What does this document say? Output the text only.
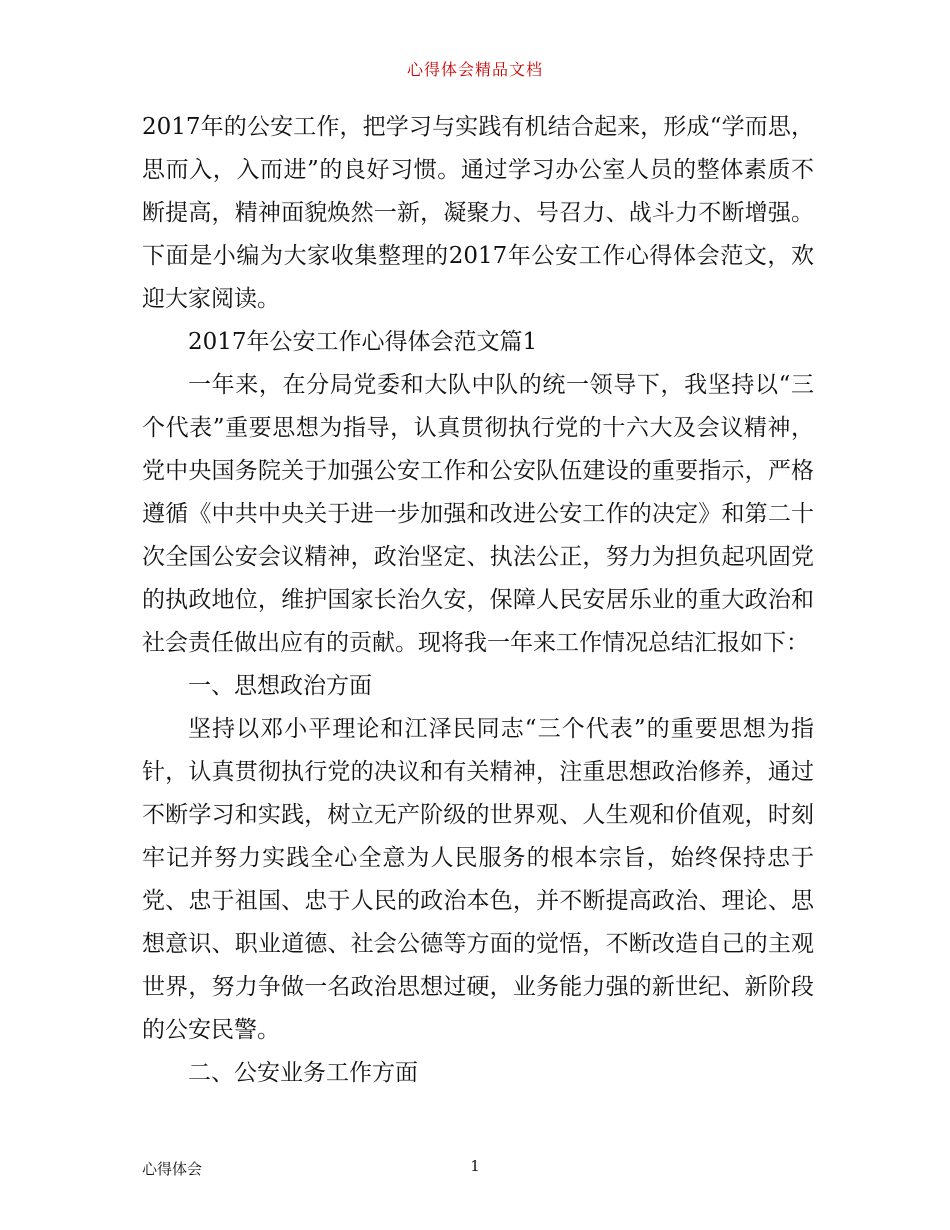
心得体会精品文档

2017年的公安工作，把学习与实践有机结合起来，形成“学而思，思而入，入而进”的良好习惯。通过学习办公室人员的整体素质不断提高，精神面貌焕然一新，凝聚力、号召力、战斗力不断增强。下面是小编为大家收集整理的2017年公安工作心得体会范文，欢迎大家阅读。

2017年公安工作心得体会范文篇1

一年来，在分局党委和大队中队的统一领导下，我坚持以“三个代表”重要思想为指导，认真贯彻执行党的十六大及会议精神，党中央国务院关于加强公安工作和公安队伍建设的重要指示，严格遵循《中共中央关于进一步加强和改进公安工作的决定》和第二十次全国公安会议精神，政治坚定、执法公正，努力为担负起巩固党的执政地位，维护国家长治久安，保障人民安居乐业的重大政治和社会责任做出应有的贡献。现将我一年来工作情况总结汇报如下：

一、思想政治方面

坚持以邓小平理论和江泽民同志“三个代表”的重要思想为指针，认真贯彻执行党的决议和有关精神，注重思想政治修养，通过不断学习和实践，树立无产阶级的世界观、人生观和价值观，时刻牢记并努力实践全心全意为人民服务的根本宗旨，始终保持忠于党、忠于祖国、忠于人民的政治本色，并不断提高政治、理论、思想意识、职业道德、社会公德等方面的觉悟，不断改造自己的主观世界，努力争做一名政治思想过硬，业务能力强的新世纪、新阶段的公安民警。

二、公安业务工作方面

心得体会	1
